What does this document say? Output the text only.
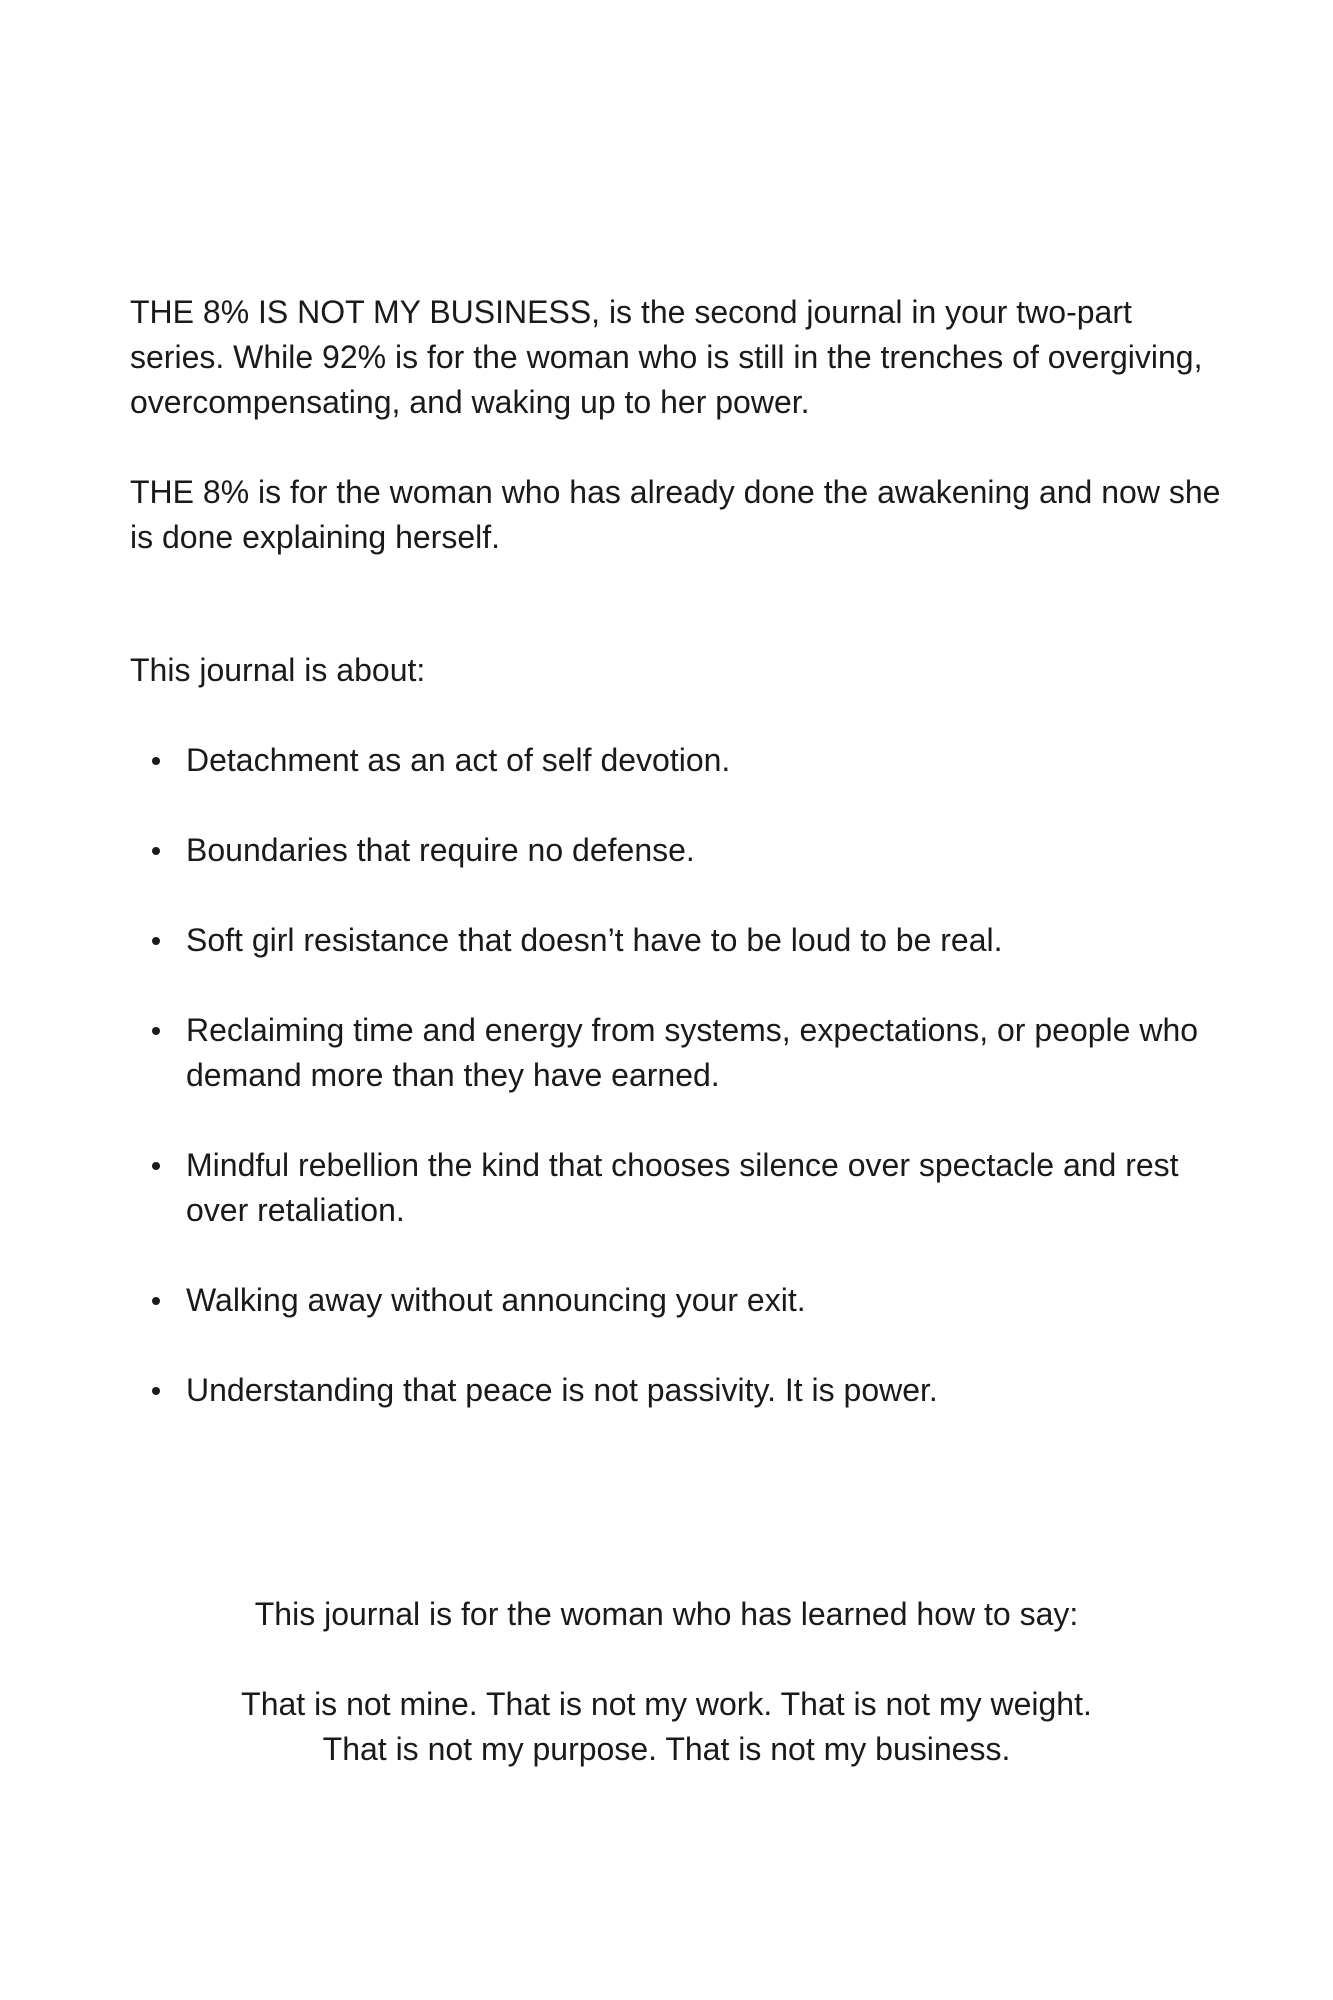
THE 8% IS NOT MY BUSINESS, is the second journal in your two-part series. While 92% is for the woman who is still in the trenches of overgiving, overcompensating, and waking up to her power.

THE 8% is for the woman who has already done the awakening and now she is done explaining herself.

This journal is about:

Detachment as an act of self devotion.
Boundaries that require no defense.
Soft girl resistance that doesn’t have to be loud to be real.
Reclaiming time and energy from systems, expectations, or people who demand more than they have earned.
Mindful rebellion the kind that chooses silence over spectacle and rest over retaliation.
Walking away without announcing your exit.
Understanding that peace is not passivity. It is power.

This journal is for the woman who has learned how to say:

That is not mine. That is not my work. That is not my weight.

That is not my purpose. That is not my business.
